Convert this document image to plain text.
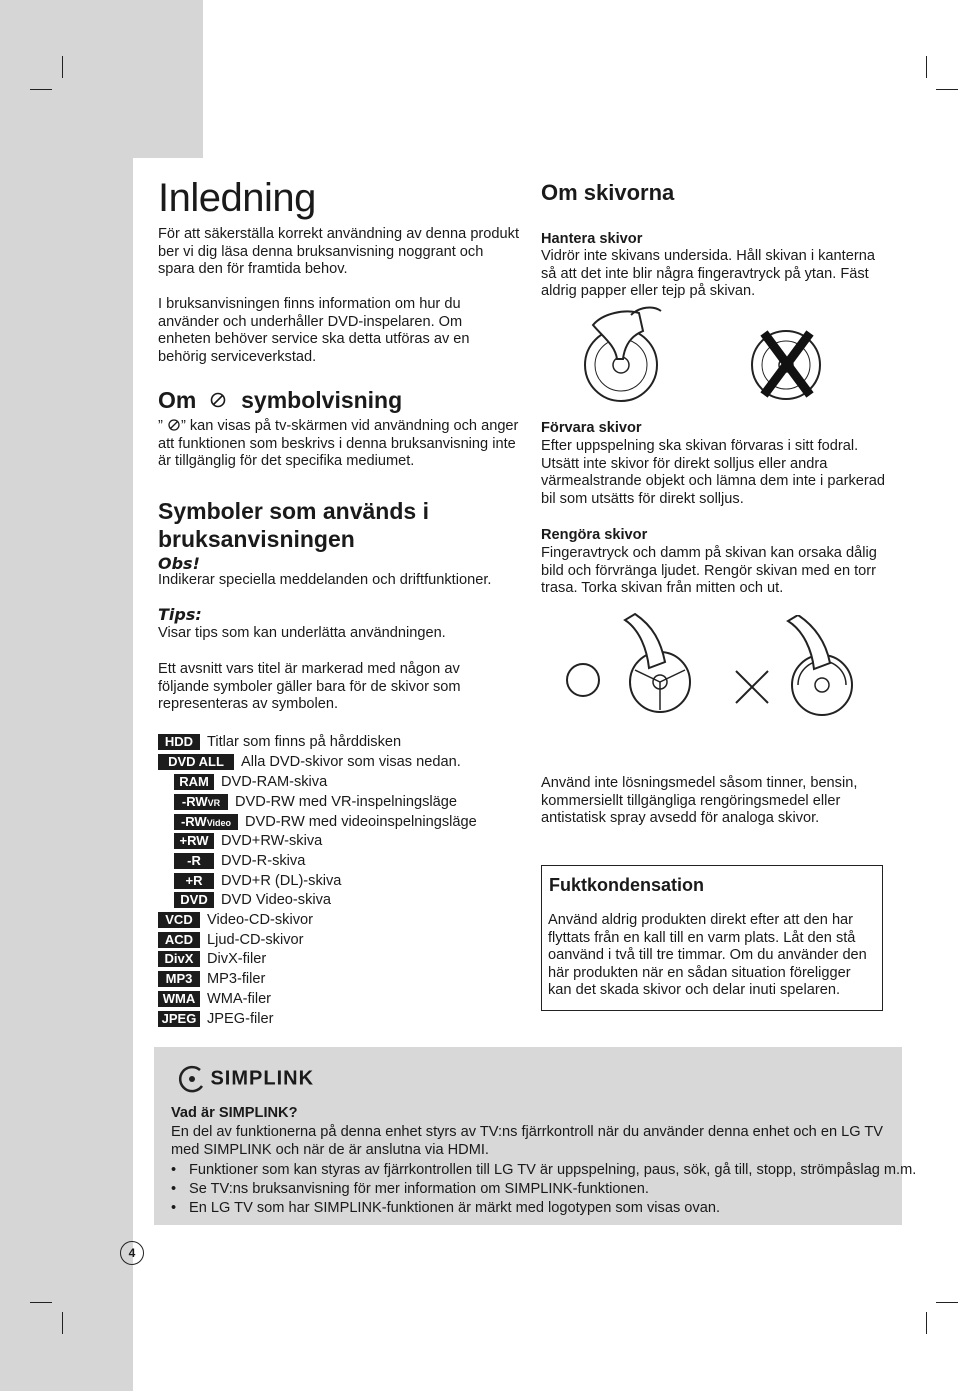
Inledning

För att säkerställa korrekt användning av denna produkt ber vi dig läsa denna bruksanvisning noggrant och spara den för framtida behov.

I bruksanvisningen finns information om hur du använder och underhåller DVD-inspelaren. Om enheten behöver service ska detta utföras av en behörig serviceverkstad.

Om symbolvisning
” ” kan visas på tv-skärmen vid användning och anger att funktionen som beskrivs i denna bruksanvisning inte är tillgänglig för det specifika mediumet.
Symboler som används i bruksanvisningen
Obs!

Indikerar speciella meddelanden och driftfunktioner.

Tips:

Visar tips som kan underlätta användningen.

Ett avsnitt vars titel är markerad med någon av följande symboler gäller bara för de skivor som representeras av symbolen.

HDD Titlar som finns på hårddisken
DVD ALL	Alla DVD-skivor som visas nedan.
RAM DVD-RAM-skiva
-RWVR	DVD-RW med VR-inspelningsläge
-RWVideo DVD-RW med videoinspelningsläge
+RW DVD+RW-skiva
-R	DVD-R-skiva
+R	DVD+R (DL)-skiva
DVD DVD Video-skiva
VCD Video-CD-skivor
ACD Ljud-CD-skivor
DivX DivX-filer
MP3	MP3-filer
WMA WMA-filer
JPEG JPEG-filer
Om skivorna
Hantera skivor

Vidrör inte skivans undersida. Håll skivan i kanterna så att det inte blir några fingeravtryck på ytan. Fäst aldrig papper eller tejp på skivan.

Förvara skivor

Efter uppspelning ska skivan förvaras i sitt fodral. Utsätt inte skivor för direkt solljus eller andra värmealstrande objekt och lämna dem inte i parkerad bil som utsätts för direkt solljus.

Rengöra skivor

Fingeravtryck och damm på skivan kan orsaka dålig bild och förvränga ljudet. Rengör skivan med en torr trasa. Torka skivan från mitten och ut.

Använd inte lösningsmedel såsom tinner, bensin, kommersiellt tillgängliga rengöringsmedel eller antistatisk spray avsedd för analoga skivor.

Fuktkondensation

Använd aldrig produkten direkt efter att den har flyttats från en kall till en varm plats. Låt den stå oanvänd i två till tre timmar. Om du använder den här produkten när en sådan situation föreligger kan det skada skivor och delar inuti spelaren.

SIMPLINK
Vad är SIMPLINK?

En del av funktionerna på denna enhet styrs av TV:ns fjärrkontroll när du använder denna enhet och en LG TV med SIMPLINK och när de är anslutna via HDMI.

• Funktioner som kan styras av fjärrkontrollen till LG TV är uppspelning, paus, sök, gå till, stopp, strömpåslag m.m.
• Se TV:ns bruksanvisning för mer information om SIMPLINK-funktionen.
• En LG TV som har SIMPLINK-funktionen är märkt med logotypen som visas ovan.
4
